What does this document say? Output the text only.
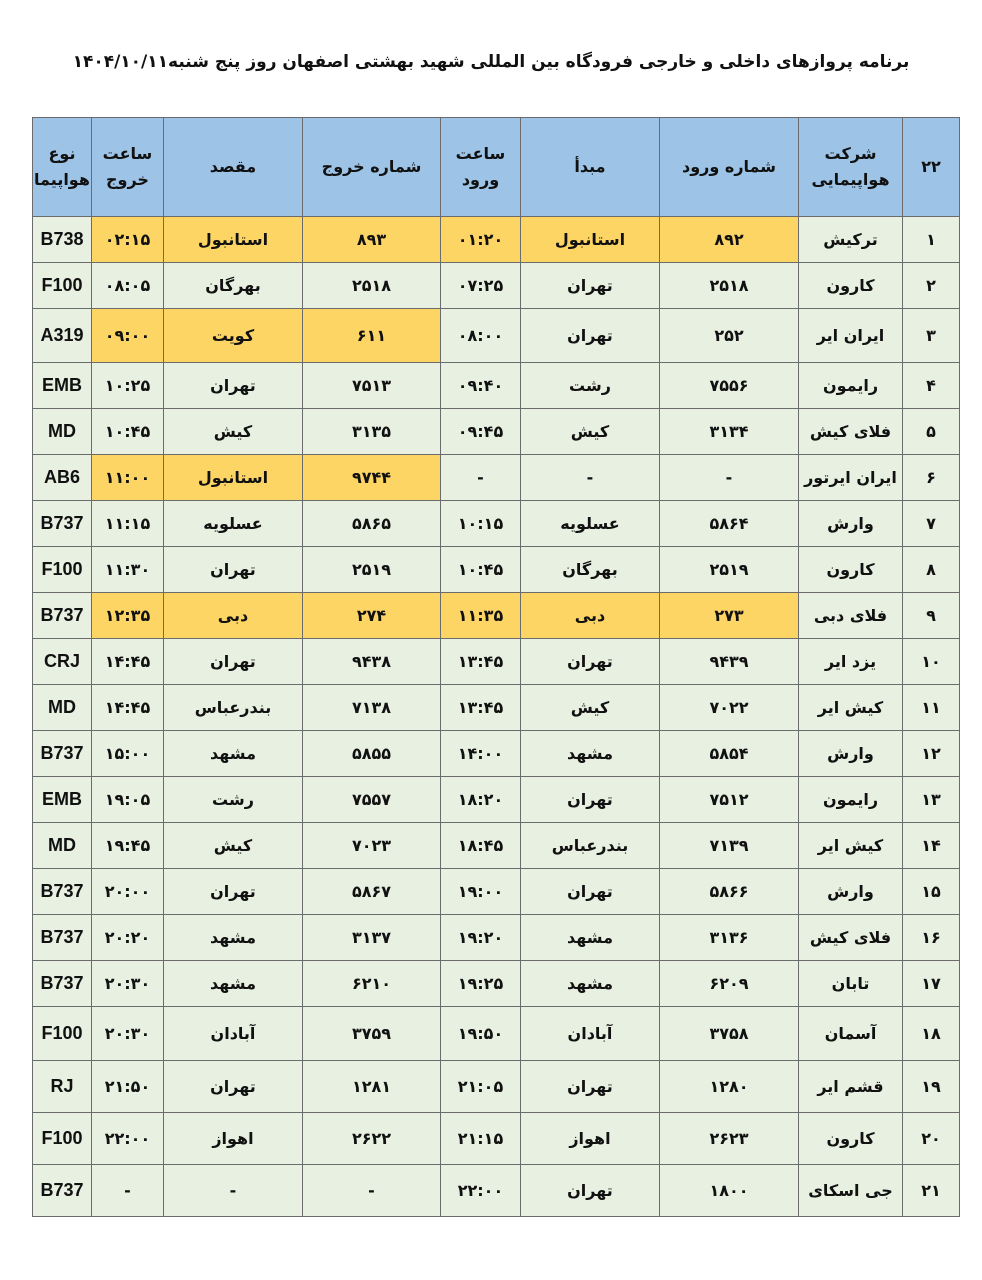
برنامه پروازهای داخلی و خارجی فرودگاه بین المللی شهید بهشتی اصفهان روز پنج شنبه۱۴۰۴/۱۰/۱۱
۲۲	شرکت هواپیمایی	شماره ورود	مبدأ	ساعت ورود	شماره خروج	مقصد	ساعت خروج	نوع هواپیما
۱	ترکیش	۸۹۲	استانبول	۰۱:۲۰	۸۹۳	استانبول	۰۲:۱۵	B738
۲	کارون	۲۵۱۸	تهران	۰۷:۲۵	۲۵۱۸	بهرگان	۰۸:۰۵	F100
۳	ایران ایر	۲۵۲	تهران	۰۸:۰۰	۶۱۱	کویت	۰۹:۰۰	A319
۴	رایمون	۷۵۵۶	رشت	۰۹:۴۰	۷۵۱۳	تهران	۱۰:۲۵	EMB
۵	فلای کیش	۳۱۳۴	کیش	۰۹:۴۵	۳۱۳۵	کیش	۱۰:۴۵	MD
۶	ایران ایرتور	-	-	-	۹۷۴۴	استانبول	۱۱:۰۰	AB6
۷	وارش	۵۸۶۴	عسلویه	۱۰:۱۵	۵۸۶۵	عسلویه	۱۱:۱۵	B737
۸	کارون	۲۵۱۹	بهرگان	۱۰:۴۵	۲۵۱۹	تهران	۱۱:۳۰	F100
۹	فلای دبی	۲۷۳	دبی	۱۱:۳۵	۲۷۴	دبی	۱۲:۳۵	B737
۱۰	یزد ایر	۹۴۳۹	تهران	۱۳:۴۵	۹۴۳۸	تهران	۱۴:۴۵	CRJ
۱۱	کیش ایر	۷۰۲۲	کیش	۱۳:۴۵	۷۱۳۸	بندرعباس	۱۴:۴۵	MD
۱۲	وارش	۵۸۵۴	مشهد	۱۴:۰۰	۵۸۵۵	مشهد	۱۵:۰۰	B737
۱۳	رایمون	۷۵۱۲	تهران	۱۸:۲۰	۷۵۵۷	رشت	۱۹:۰۵	EMB
۱۴	کیش ایر	۷۱۳۹	بندرعباس	۱۸:۴۵	۷۰۲۳	کیش	۱۹:۴۵	MD
۱۵	وارش	۵۸۶۶	تهران	۱۹:۰۰	۵۸۶۷	تهران	۲۰:۰۰	B737
۱۶	فلای کیش	۳۱۳۶	مشهد	۱۹:۲۰	۳۱۳۷	مشهد	۲۰:۲۰	B737
۱۷	تابان	۶۲۰۹	مشهد	۱۹:۲۵	۶۲۱۰	مشهد	۲۰:۳۰	B737
۱۸	آسمان	۳۷۵۸	آبادان	۱۹:۵۰	۳۷۵۹	آبادان	۲۰:۳۰	F100
۱۹	قشم ایر	۱۲۸۰	تهران	۲۱:۰۵	۱۲۸۱	تهران	۲۱:۵۰	RJ
۲۰	کارون	۲۶۲۳	اهواز	۲۱:۱۵	۲۶۲۲	اهواز	۲۲:۰۰	F100
۲۱	جی اسکای	۱۸۰۰	تهران	۲۲:۰۰	-	-	-	B737
